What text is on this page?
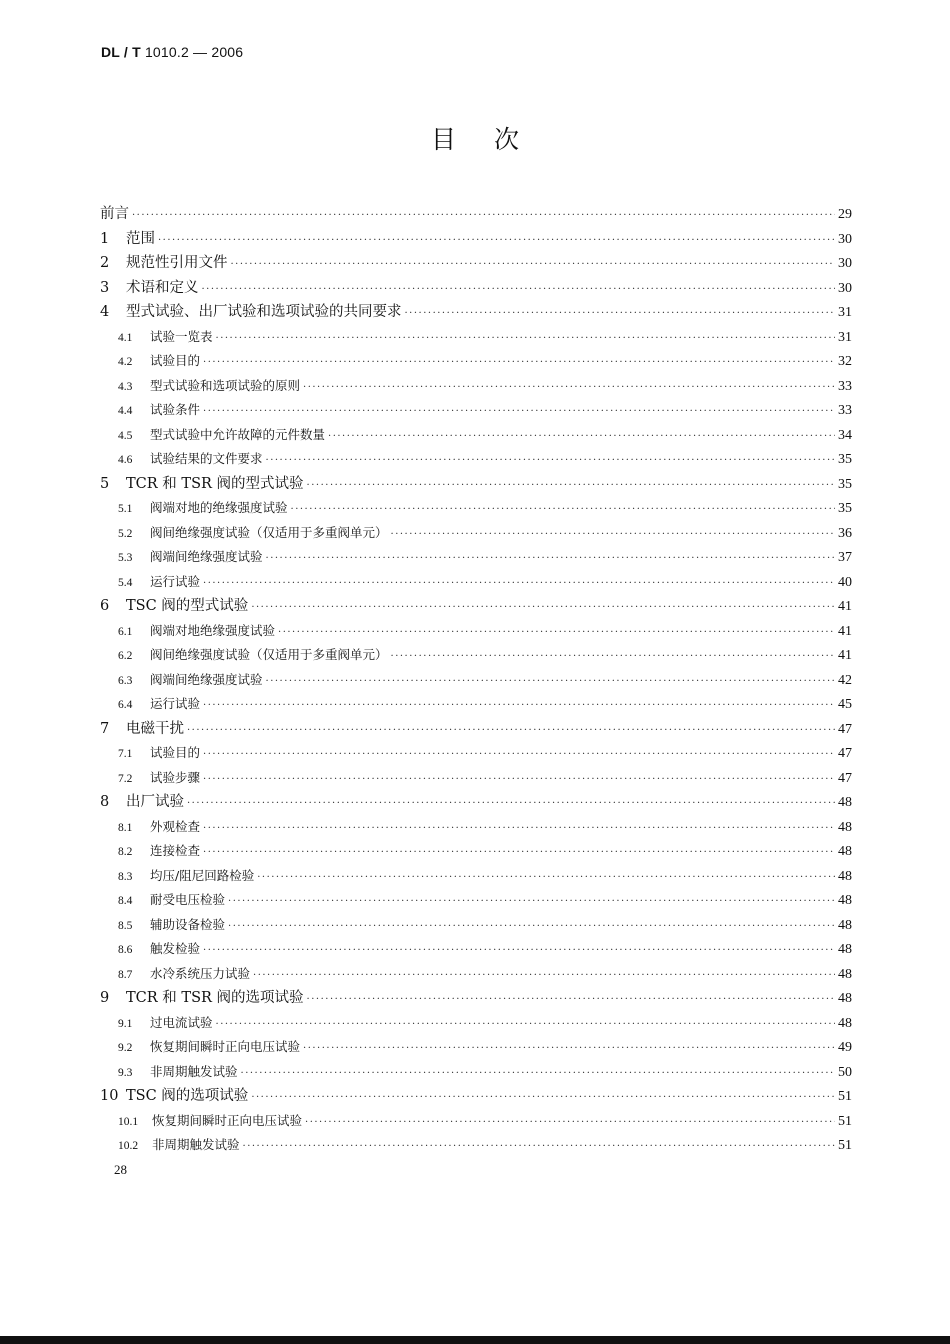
DL / T 1010.2 — 2006
目次
前言 ·····	29
1	范围 ·····	30
2	规范性引用文件 ·····	30
3	术语和定义 ·····	30
4	型式试验、出厂试验和选项试验的共同要求 ·····	31
4.1	试验一览表 ·····	31
4.2	试验目的 ·····	32
4.3	型式试验和选项试验的原则 ·····	33
4.4	试验条件 ·····	33
4.5	型式试验中允许故障的元件数量 ·····	34
4.6	试验结果的文件要求 ·····	35
5	TCR 和 TSR 阀的型式试验 ·····	35
5.1	阀端对地的绝缘强度试验 ·····	35
5.2	阀间绝缘强度试验（仅适用于多重阀单元） ·····	36
5.3	阀端间绝缘强度试验 ·····	37
5.4	运行试验 ·····	40
6	TSC 阀的型式试验 ·····	41
6.1	阀端对地绝缘强度试验 ·····	41
6.2	阀间绝缘强度试验（仅适用于多重阀单元） ·····	41
6.3	阀端间绝缘强度试验 ·····	42
6.4	运行试验 ·····	45
7	电磁干扰 ·····	47
7.1	试验目的 ·····	47
7.2	试验步骤 ·····	47
8	出厂试验 ·····	48
8.1	外观检查 ·····	48
8.2	连接检查 ·····	48
8.3	均压/阻尼回路检验 ·····	48
8.4	耐受电压检验 ·····	48
8.5	辅助设备检验 ·····	48
8.6	触发检验 ·····	48
8.7	水冷系统压力试验 ·····	48
9	TCR 和 TSR 阀的选项试验 ·····	48
9.1	过电流试验 ·····	48
9.2	恢复期间瞬时正向电压试验 ·····	49
9.3	非周期触发试验 ·····	50
10 TSC 阀的选项试验 ·····	51
10.1	恢复期间瞬时正向电压试验 ·····	51
10.2	非周期触发试验 ·····	51
28
